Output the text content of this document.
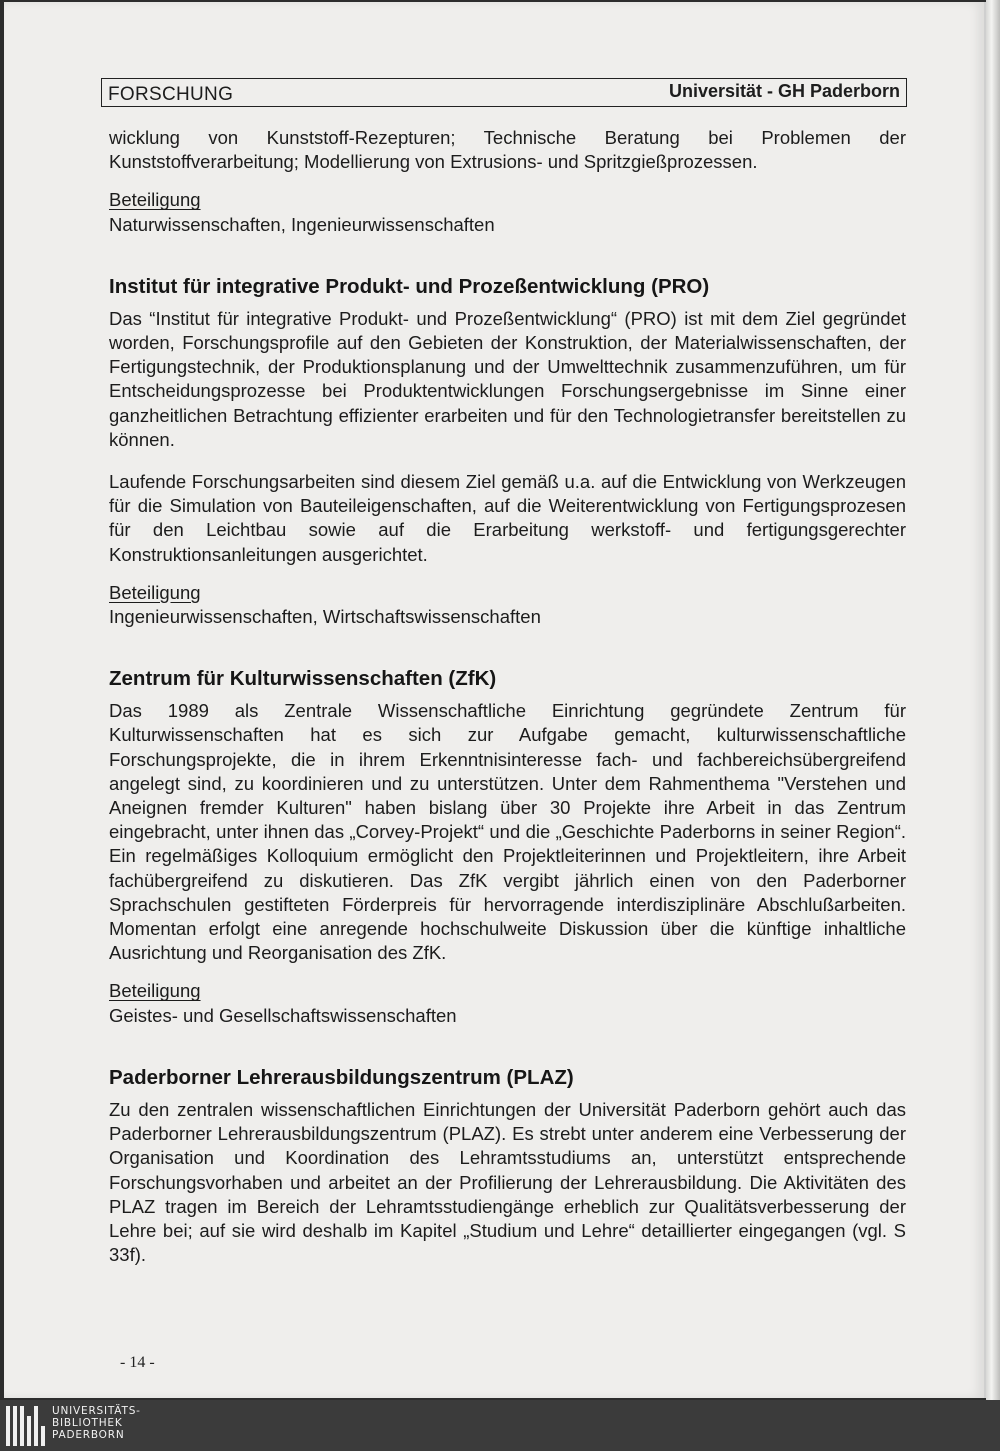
FORSCHUNG	Universität - GH Paderborn

wicklung von Kunststoff-Rezepturen; Technische Beratung bei Problemen der Kunststoffverarbeitung; Modellierung von Extrusions- und Spritzgießprozessen.

Beteiligung
Naturwissenschaften, Ingenieurwissenschaften
Institut für integrative Produkt- und Prozeßentwicklung (PRO)

Das “Institut für integrative Produkt- und Prozeßentwicklung“ (PRO) ist mit dem Ziel gegründet worden, Forschungsprofile auf den Gebieten der Konstruktion, der Materialwissenschaften, der Fertigungstechnik, der Produktionsplanung und der Umwelttechnik zusammenzuführen, um für Entscheidungsprozesse bei Produktentwicklungen Forschungsergebnisse im Sinne einer ganzheitlichen Betrachtung effizienter erarbeiten und für den Technologietransfer bereitstellen zu können.

Laufende Forschungsarbeiten sind diesem Ziel gemäß u.a. auf die Entwicklung von Werkzeugen für die Simulation von Bauteileigenschaften, auf die Weiterentwicklung von Fertigungsprozesen für den Leichtbau sowie auf die Erarbeitung werkstoff- und fertigungsgerechter Konstruktionsanleitungen ausgerichtet.

Beteiligung
Ingenieurwissenschaften, Wirtschaftswissenschaften
Zentrum für Kulturwissenschaften (ZfK)

Das 1989 als Zentrale Wissenschaftliche Einrichtung gegründete Zentrum für Kulturwissenschaften hat es sich zur Aufgabe gemacht, kulturwissenschaftliche Forschungsprojekte, die in ihrem Erkenntnisinteresse fach- und fachbereichsübergreifend angelegt sind, zu koordinieren und zu unterstützen. Unter dem Rahmenthema "Verstehen und Aneignen fremder Kulturen" haben bislang über 30 Projekte ihre Arbeit in das Zentrum eingebracht, unter ihnen das „Corvey-Projekt“ und die „Geschichte Paderborns in seiner Region“. Ein regelmäßiges Kolloquium ermöglicht den Projektleiterinnen und Projektleitern, ihre Arbeit fachübergreifend zu diskutieren. Das ZfK vergibt jährlich einen von den Paderborner Sprachschulen gestifteten Förderpreis für hervorragende interdisziplinäre Abschlußarbeiten. Momentan erfolgt eine anregende hochschulweite Diskussion über die künftige inhaltliche Ausrichtung und Reorganisation des ZfK.

Beteiligung
Geistes- und Gesellschaftswissenschaften
Paderborner Lehrerausbildungszentrum (PLAZ)

Zu den zentralen wissenschaftlichen Einrichtungen der Universität Paderborn gehört auch das Paderborner Lehrerausbildungszentrum (PLAZ). Es strebt unter anderem eine Verbesserung der Organisation und Koordination des Lehramtsstudiums an, unterstützt entsprechende Forschungsvorhaben und arbeitet an der Profilierung der Lehrerausbildung. Die Aktivitäten des PLAZ tragen im Bereich der Lehramtsstudiengänge erheblich zur Qualitätsverbesserung der Lehre bei; auf sie wird deshalb im Kapitel „Studium und Lehre“ detaillierter eingegangen (vgl. S 33f).

- 14 -
UNIVERSITÄTS-
BIBLIOTHEK
PADERBORN
